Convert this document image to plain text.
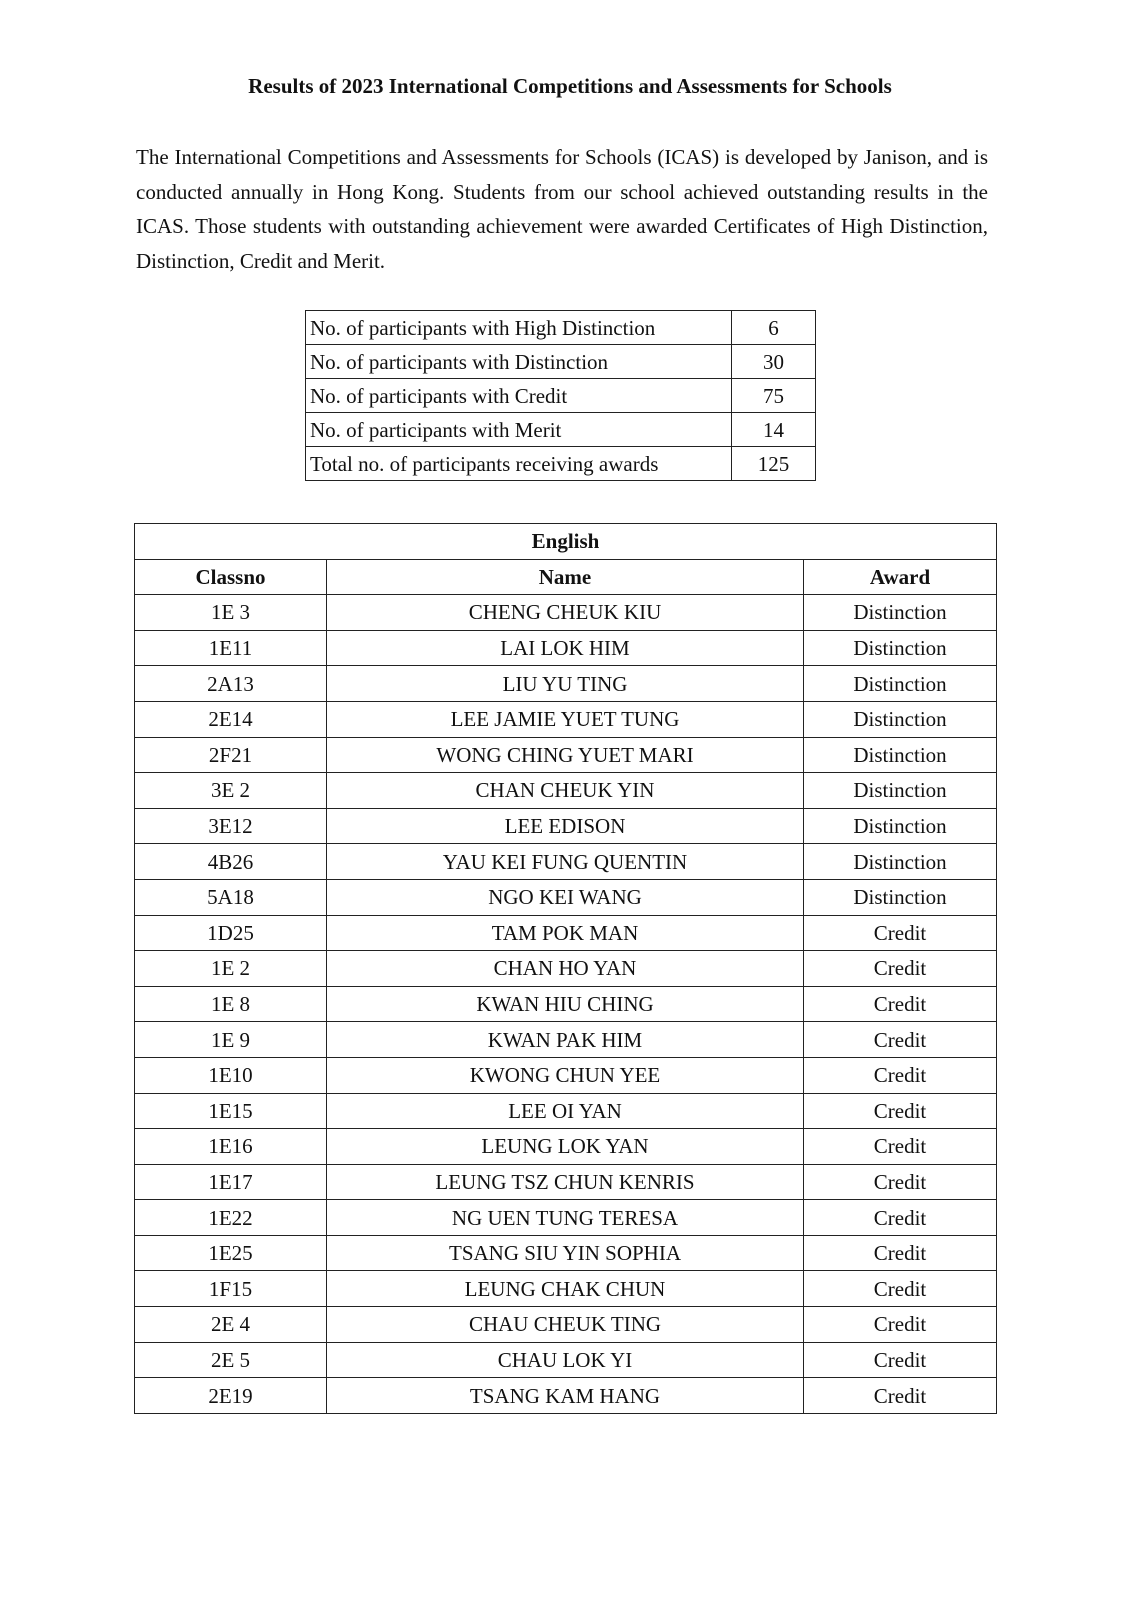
Results of 2023 International Competitions and Assessments for Schools

The International Competitions and Assessments for Schools (ICAS) is developed by Janison, and is conducted annually in Hong Kong. Students from our school achieved outstanding results in the ICAS. Those students with outstanding achievement were awarded Certificates of High Distinction, Distinction, Credit and Merit.

No. of participants with High Distinction	6
No. of participants with Distinction	30
No. of participants with Credit	75
No. of participants with Merit	14
Total no. of participants receiving awards	125
English		
Classno	Name	Award
1E 3	CHENG CHEUK KIU	Distinction
1E11	LAI LOK HIM	Distinction
2A13	LIU YU TING	Distinction
2E14	LEE JAMIE YUET TUNG	Distinction
2F21	WONG CHING YUET MARI	Distinction
3E 2	CHAN CHEUK YIN	Distinction
3E12	LEE EDISON	Distinction
4B26	YAU KEI FUNG QUENTIN	Distinction
5A18	NGO KEI WANG	Distinction
1D25	TAM POK MAN	Credit
1E 2	CHAN HO YAN	Credit
1E 8	KWAN HIU CHING	Credit
1E 9	KWAN PAK HIM	Credit
1E10	KWONG CHUN YEE	Credit
1E15	LEE OI YAN	Credit
1E16	LEUNG LOK YAN	Credit
1E17	LEUNG TSZ CHUN KENRIS	Credit
1E22	NG UEN TUNG TERESA	Credit
1E25	TSANG SIU YIN SOPHIA	Credit
1F15	LEUNG CHAK CHUN	Credit
2E 4	CHAU CHEUK TING	Credit
2E 5	CHAU LOK YI	Credit
2E19	TSANG KAM HANG	Credit
